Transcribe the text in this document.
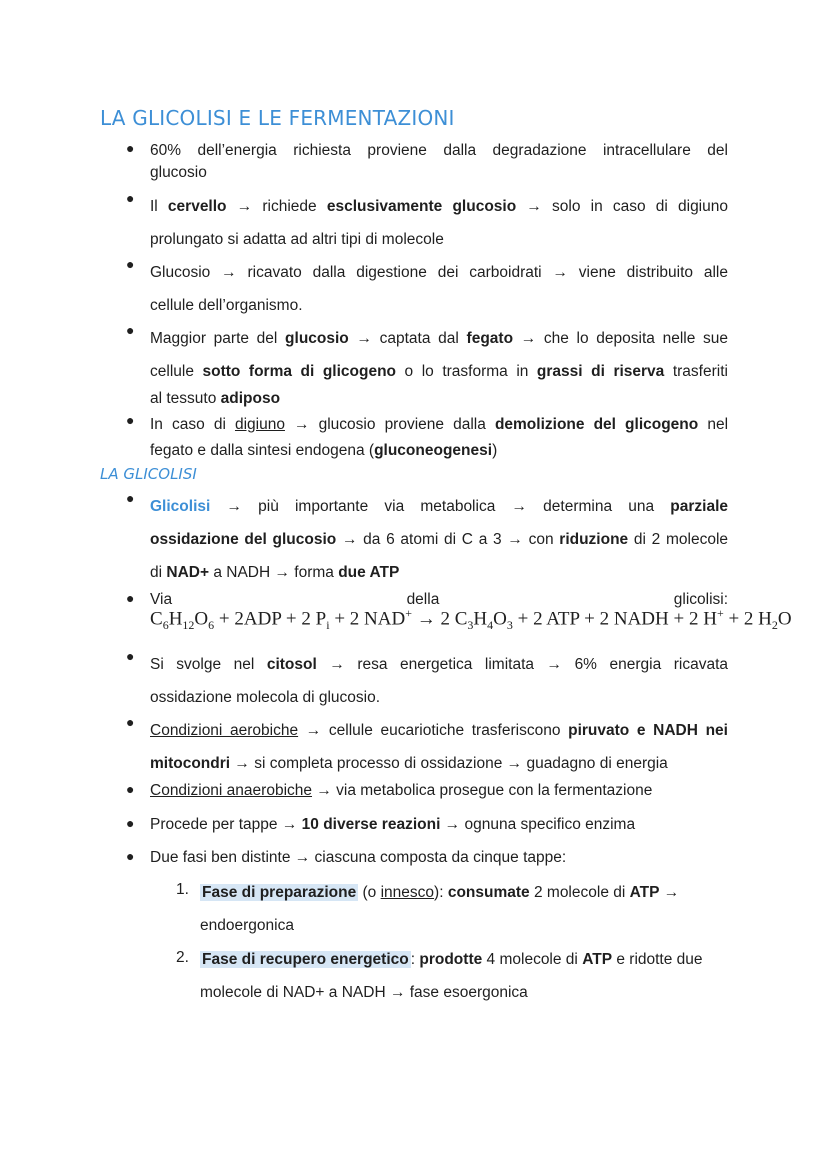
LA GLICOLISI E LE FERMENTAZIONI
● 60% dell’energia richiesta proviene dalla degradazione intracellulare del
glucosio
● Il cervello → richiede esclusivamente glucosio → solo in caso di digiuno
prolungato si adatta ad altri tipi di molecole
● Glucosio → ricavato dalla digestione dei carboidrati → viene distribuito alle
cellule dell’organismo.
● Maggior parte del glucosio → captata dal fegato → che lo deposita nelle sue
cellule sotto forma di glicogeno o lo trasforma in grassi di riserva trasferiti
al tessuto adiposo
● In caso di digiuno → glucosio proviene dalla demolizione del glicogeno nel
fegato e dalla sintesi endogena (gluconeogenesi)
LA GLICOLISI
● Glicolisi → più importante via metabolica → determina una parziale
ossidazione del glucosio → da 6 atomi di C a 3 → con riduzione di 2 molecole
di NAD+ a NADH → forma due ATP
● Via	della	glicolisi:
$C_6H_{12}O_6 + 2ADP + 2$ $P_i + 2$ NAD+ → 2 $C_3H_4O_3 + 2$ ATP + 2 NADH + 2 H+ + 2 $H_2O$
● Si svolge nel citosol → resa energetica limitata → 6% energia ricavata
ossidazione molecola di glucosio.
● Condizioni aerobiche → cellule eucariotiche trasferiscono piruvato e NADH nei
mitocondri → si completa processo di ossidazione → guadagno di energia
● Condizioni anaerobiche → via metabolica prosegue con la fermentazione
● Procede per tappe → 10 diverse reazioni → ognuna specifico enzima
● Due fasi ben distinte → ciascuna composta da cinque tappe:
1. Fase di preparazione (o innesco): consumate 2 molecole di ATP →
endoergonica
2. Fase di recupero energetico : prodotte 4 molecole di ATP e ridotte due
molecole di NAD+ a NADH → fase esoergonica
